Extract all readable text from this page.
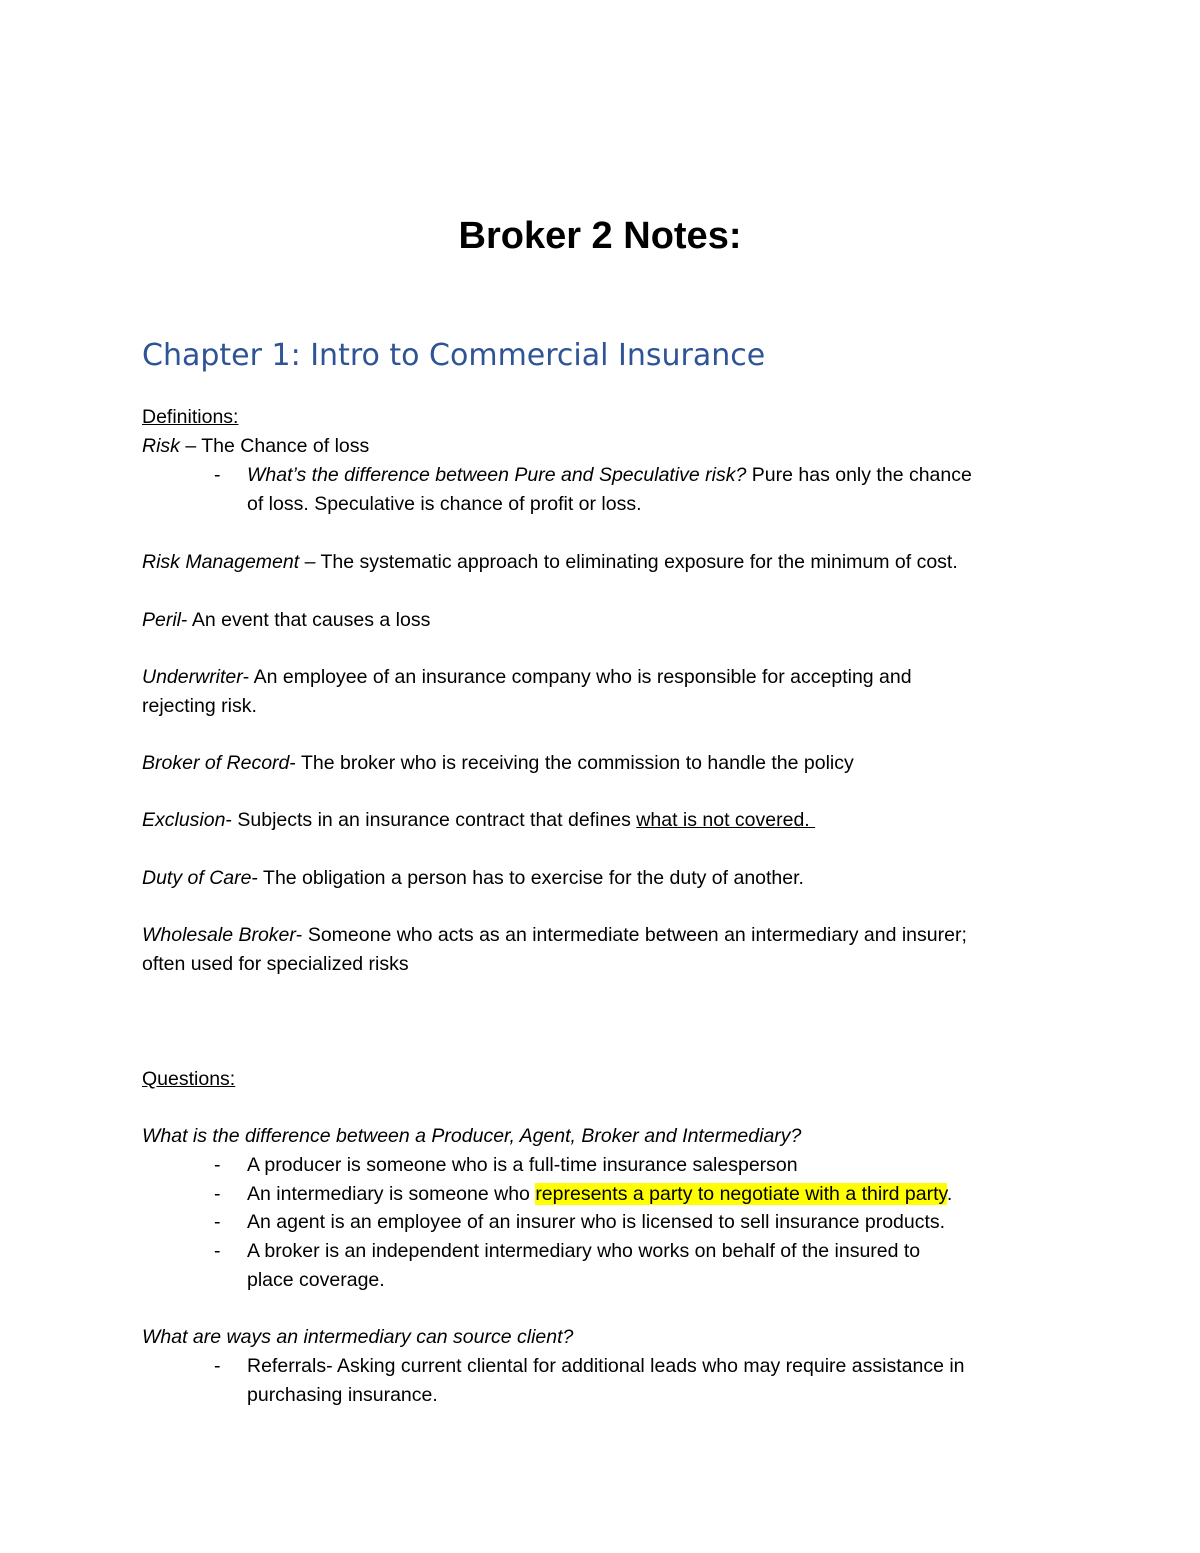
Broker 2 Notes:
Chapter 1: Intro to Commercial Insurance

Definitions:

Risk – The Chance of loss

- What’s the difference between Pure and Speculative risk? Pure has only the chance
of loss. Speculative is chance of profit or loss.

Risk Management – The systematic approach to eliminating exposure for the minimum of cost.

Peril- An event that causes a loss

Underwriter- An employee of an insurance company who is responsible for accepting and

rejecting risk.

Broker of Record- The broker who is receiving the commission to handle the policy

Exclusion- Subjects in an insurance contract that defines what is not covered.

Duty of Care- The obligation a person has to exercise for the duty of another.

Wholesale Broker- Someone who acts as an intermediate between an intermediary and insurer;

often used for specialized risks

Questions:

What is the difference between a Producer, Agent, Broker and Intermediary?

- A producer is someone who is a full-time insurance salesperson
- An intermediary is someone who represents a party to negotiate with a third party.
- An agent is an employee of an insurer who is licensed to sell insurance products.
- A broker is an independent intermediary who works on behalf of the insured to
place coverage.

What are ways an intermediary can source client?

- Referrals- Asking current cliental for additional leads who may require assistance in
purchasing insurance.
